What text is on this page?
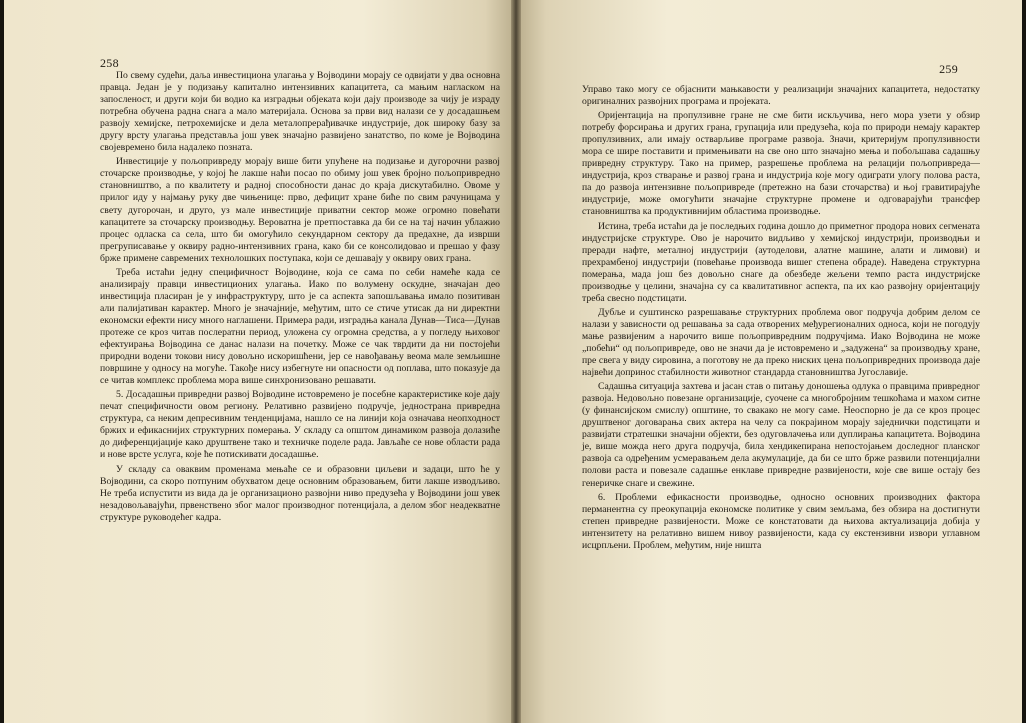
258

По свему судећи, даља инвестициона улагања у Војводини морају се одвијати у два основна правца. Један је у подизању капитално интензивних капацитета, са мањим нагласком на запосленост, и други који би водио ка изградњи објеката који дају производе за чију је израду потребна обучена радна снага а мало материјала. Основа за први вид налази се у досадашњем развоју хемијске, петрохемијске и дела металопрерађивачке индустрије, док широку базу за другу врсту улагања представља још увек значајно развијено занатство, по коме је Војводина својевремено била надалеко позната.

Инвестиције у пољопривреду морају више бити упућене на подизање и дугорочни развој сточарске производње, у којој ће лакше наћи посао по обиму још увек бројно пољопривредно становништво, а по квалитету и радној способности данас до краја дискутабилно. Овоме у прилог иду у најмању руку две чињенице: прво, дефицит хране биће по свим рачуницама у свету дугорочан, и друго, уз мале инвестиције приватни сектор може огромно повећати капацитете за сточарску производњу. Вероватна је претпоставка да би се на тај начин ублажио процес одласка са села, што би омогућило секундарном сектору да предахне, да изврши прегруписавање у оквиру радно-интензивних грана, како би се консолидовао и прешао у фазу бржe примене савремених технолошких поступака, који се дешавају у оквиру ових грана.

Треба истаћи једну специфичност Војводине, која се сама по себи намеће када се анализирају правци инвестиционих улагања. Иако по волумену оскудне, значајан део инвестиција пласиран је у инфраструктуру, што је са аспекта запошљавања имало позитиван али палијативан карактер. Много је значајније, међутим, што се стиче утисак да ни директни економски ефекти нису много наглашени. Примера ради, изградња канала Дунав—Тиса—Дунав протеже се кроз читав послератни период, уложена су огромна средства, а у погледу њиховог ефектуирања Војводина се данас налази на почетку. Може се чак тврдити да ни постојећи природни водени токови нису довољно искоришћени, јер се навођавању веома мале земљишне површине у односу на могуће. Такође нису избегнуте ни опасности од поплава, што показује да се читав комплекс проблема мора више синхронизовано решавати.

5. Досадашњи привредни развој Војводине истовремено је посебне карактеристике које дају печат специфичности овом региону. Релативно развијено подручје, једнострана привредна структура, са неким депресивним тенденцијама, нашло се на линији која означава неопходност бржих и ефикаснијих структурних померања. У складу са општом динамиком развоја долазиће до диференцијације како друштвене тако и техничке поделе рада. Јављаће се нове области рада и нове врсте услуга, које ће потискивати досадашње.

У складу са оваквим променама мењаће се и образовни циљеви и задаци, што ће у Војводини, са скоро потпуним обухватом деце основним образовањем, бити лакше изводљиво. Не треба испустити из вида да је организационо развојни ниво предузећа у Војводини још увек незадовољавајући, првенствено због малог производног потенцијала, а делом због неадекватне структуре руководећег кадра.

259

Управо тако могу се објаснити мањкавости у реализацији значајних капацитета, недостатку оригиналних развојних програма и пројеката.

Оријентација на пропулзивне гране не сме бити искључива, него мора узети у обзир потребу форсирања и других грана, групација или предузећа, која по природи немају карактер пропулзивних, али имају остварљиве програме развоја. Значи, критеријум пропулзивности мора се шире поставити и примењивати на све оно што значајно мења и побољшава садашњу привредну структуру. Тако на пример, разрешење проблема на релацији пољопривреда—индустрија, кроз стварање и развој грана и индустрија које могу одиграти улогу полова раста, па до развоја интензивне пољопривреде (претежно на бази сточарства) и њој гравитирајуће индустрије, може омогућити значајне структурне промене и одговарајући трансфер становништва ка продуктивнијим областима производње.

Истина, треба истаћи да је последњих година дошло до приметног продора нових сегмената индустријске структуре. Ово је нарочито видљиво у хемијској индустрији, производњи и преради нафте, металној индустрији (аутоделови, алатне машине, алати и лимови) и прехрамбеној индустрији (повећање производа вишег степена обраде). Наведена структурна померања, мада још без довољно снаге да обезбеде жељени темпо раста индустријске производње у целини, значајна су са квалитативног аспекта, па их као развојну оријентацију треба свесно подстицати.

Дубље и суштинско разрешавање структурних проблема овог подручја добрим делом се налази у зависности од решавања за сада отворених међурегионалних односа, који не погодују мање развијеним а нарочито више пољопривредним подручјима. Иако Војводина не може „побећи“ од пољопривреде, ово не значи да је истовремено и „задужена“ за производњу хране, пре свега у виду сировина, а поготову не да преко ниских цена пољопривредних производа даје највећи допринос стабилности животног стандарда становништва Југославије.

Садашња ситуација захтева и јасан став о питању доношења одлука о правцима привредног развоја. Недовољно повезане организације, суочене са многобројним тешкоћама и махом ситне (у финансијском смислу) општине, то свакако не могу саме. Неоспорно је да се кроз процес друштвеног договарања свих актера на челу са покрајином морају заједнички подстицати и развијати стратешки значајни објекти, без одуговлачења или дуплирања капацитета. Војводина је, више можда него друга подручја, била хендикепирана непостојањем доследног планског развоја са одређеним усмеравањем дела акумулације, да би се што брже развили потенцијални полови раста и повезале садашње енклаве привредне развијености, које све више остају без генеричке снаге и свежине.

6. Проблеми ефикасности производње, односно основних производних фактора перманентна су преокупација економске политике у свим земљама, без обзира на достигнути степен привредне развијености. Може се констатовати да њихова актуализација добија у интензитету на релативно вишем нивоу развијености, када су екстензивни извори углавном исцрпљени. Проблем, међутим, није ништа
